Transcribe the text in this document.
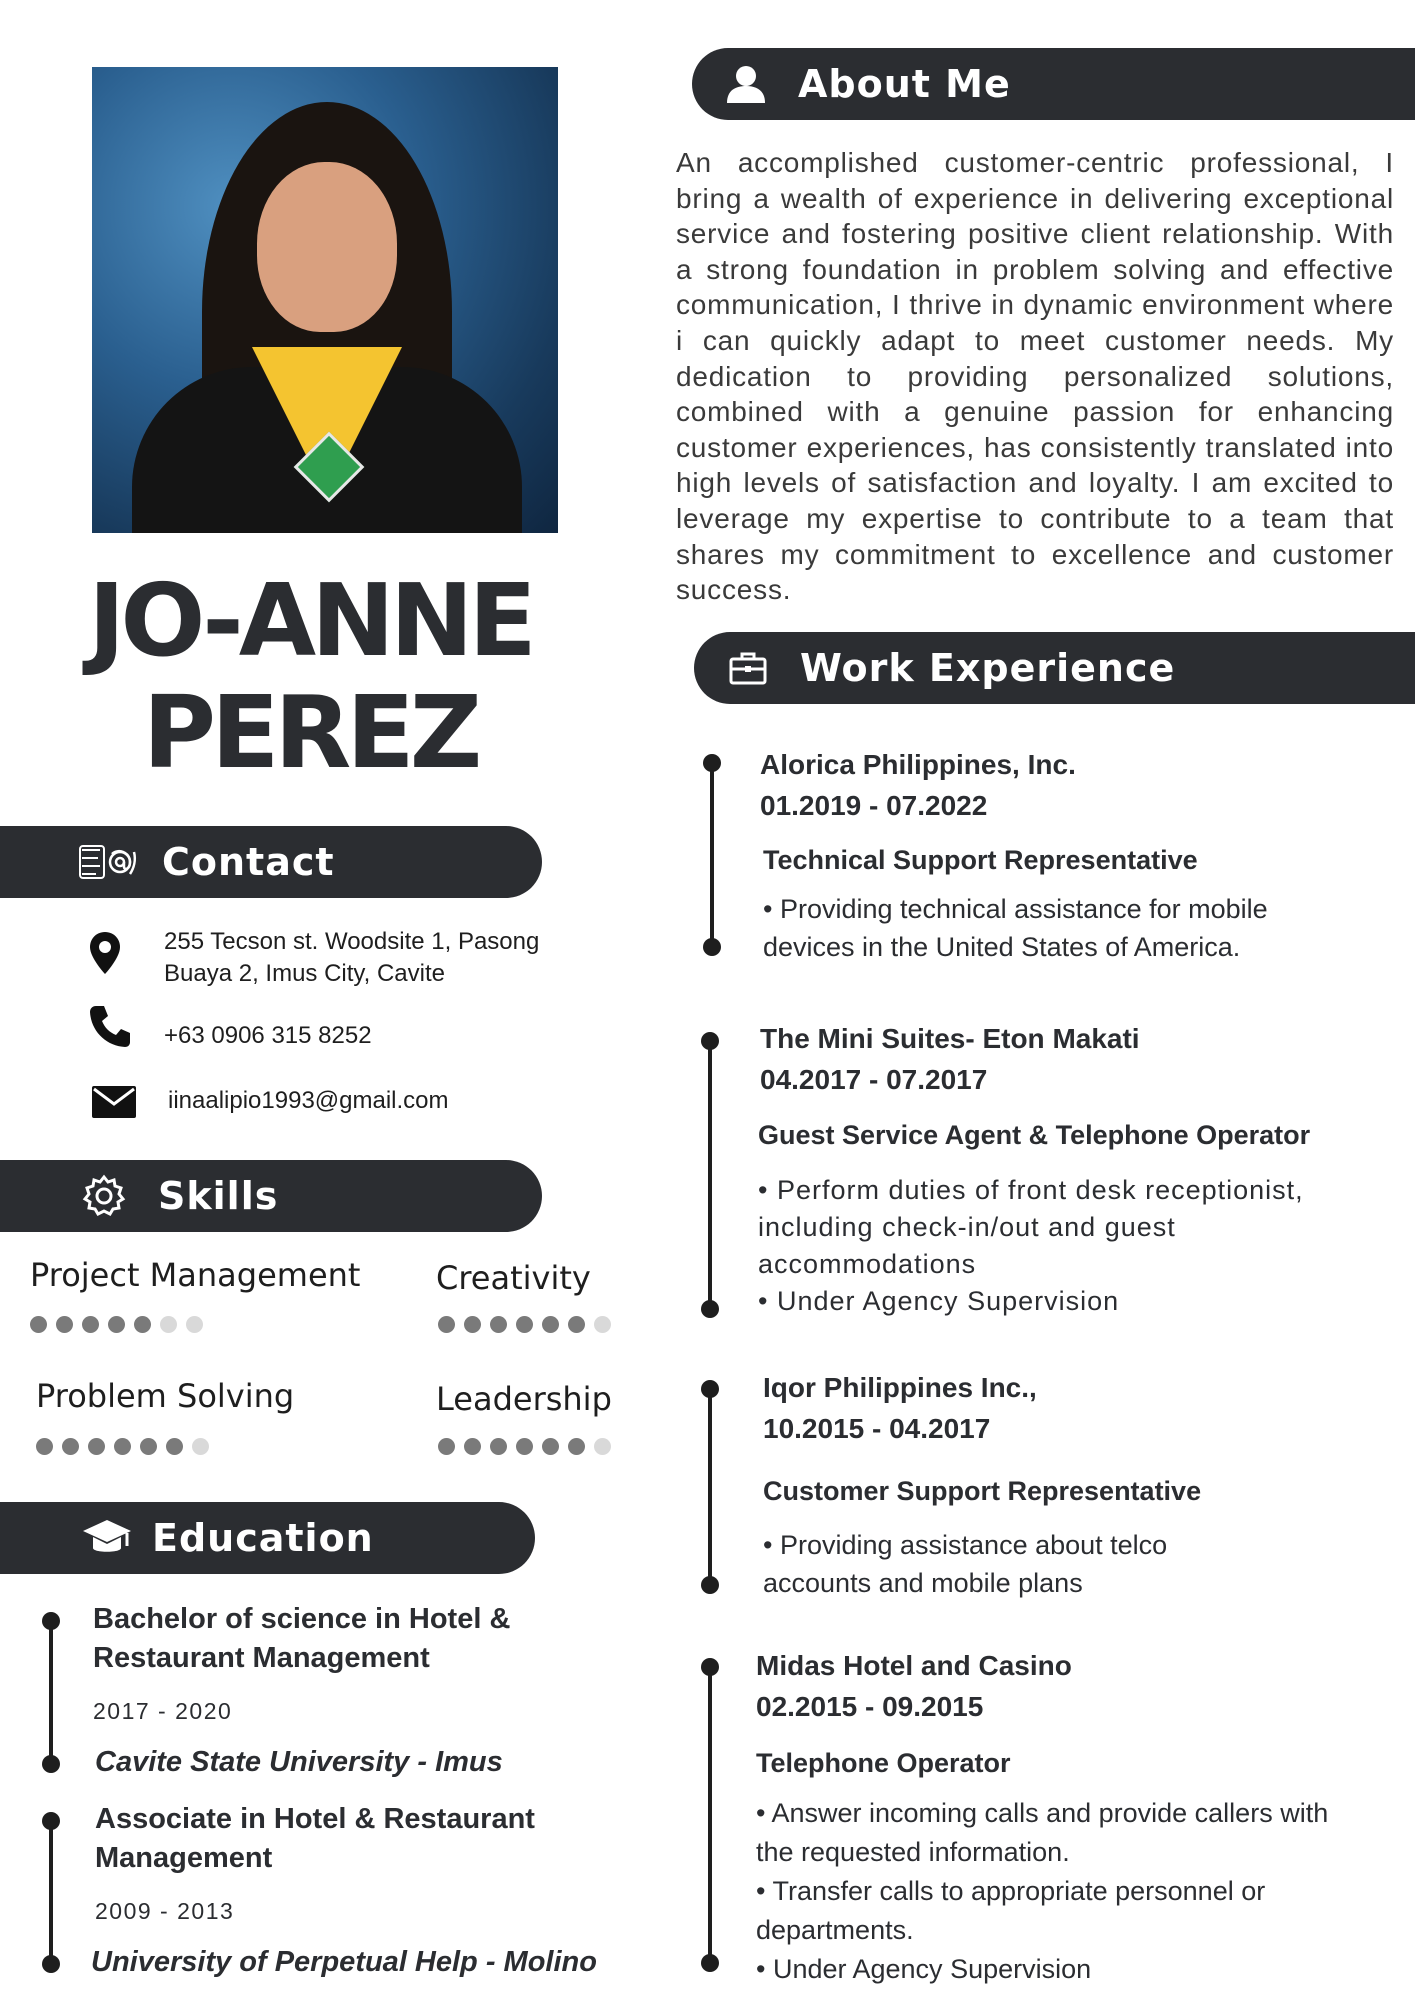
JO-ANNE
PEREZ
About Me
An accomplished customer-centric professional, I bring a wealth of experience in delivering exceptional service and fostering positive client relationship. With a strong foundation in problem solving and effective communication, I thrive in dynamic environment where i can quickly adapt to meet customer needs. My dedication to providing personalized solutions, combined with a genuine passion for enhancing customer experiences, has consistently translated into high levels of satisfaction and loyalty. I am excited to leverage my expertise to contribute to a team that shares my commitment to excellence and customer success.
Work Experience
Contact
255 Tecson st. Woodsite 1, Pasong
Buaya 2, Imus City, Cavite
+63 0906 315 8252
iinaalipio1993@gmail.com
Skills
Project Management Creativity
Problem Solving	Leadership
Education
Bachelor of science in Hotel &
Restaurant Management
2017 - 2020
Cavite State University - Imus
Associate in Hotel & Restaurant
Management
2009 - 2013
University of Perpetual Help - Molino
Alorica Philippines, Inc.
01.2019 - 07.2022
Technical Support Representative
• Providing technical assistance for mobile
devices in the United States of America.
The Mini Suites- Eton Makati
04.2017 - 07.2017
Guest Service Agent & Telephone Operator
• Perform duties of front desk receptionist,
including check-in/out and guest
accommodations
• Under Agency Supervision
Iqor Philippines Inc.,
10.2015 - 04.2017
Customer Support Representative
• Providing assistance about telco
accounts and mobile plans
Midas Hotel and Casino
02.2015 - 09.2015
Telephone Operator
• Answer incoming calls and provide callers with
the requested information.
• Transfer calls to appropriate personnel or
departments.
• Under Agency Supervision
